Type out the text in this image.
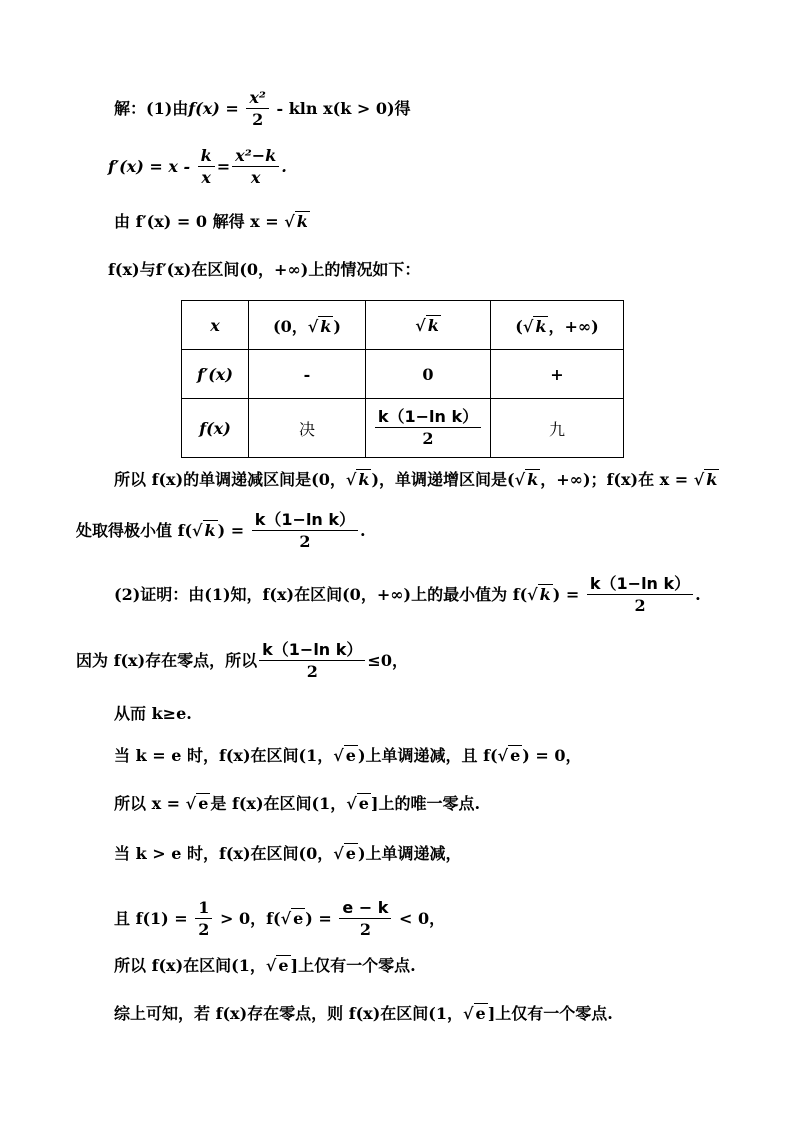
解：(1)由$f(x) = \frac{\text{x²}}{2} - kln$ x(k > 0)得
$f'(x) = x - \frac{k}{x} = \frac{\text{x²−k}}{x}$ .
由 f′(x) = 0 解得 x = √ k
f(x)与f′(x)在区间(0，+∞)上的情况如下：
x	(0，√ k )	√ k	(√ k ，+∞)
f′(x)	-	0	+
f(x)	决	$\frac{\text{k（1−ln k）}}{2}$	九
所以 f(x)的单调递减区间是(0，√ k )，单调递增区间是(√ k ，+∞)；f(x)在 x = √ k
处取得极小值 f(√ k ) = $\frac{\text{k（1−ln k）}}{2}$ .
(2)证明：由(1)知，f(x)在区间(0，+∞)上的最小值为 f(√ k ) = $\frac{\text{k（1−ln k）}}{2}$ .
因为 f(x)存在零点，所以 $\frac{\text{k（1−ln k）}}{2} \le 0$，
从而 k≥e.
当 k = e 时，f(x)在区间(1，√ e )上单调递减，且 f(√ e ) = 0，
所以 x = √ e 是 f(x)在区间(1，√ e ]上的唯一零点.
当 k > e 时，f(x)在区间(0，√ e )上单调递减，
且 $f(1) = \frac{1}{2} > 0$，f(√ e ) = $\frac{e - k}{2} < 0$，
所以 f(x)在区间(1，√ e ]上仅有一个零点.
综上可知，若 f(x)存在零点，则 f(x)在区间(1，√ e ]上仅有一个零点.
